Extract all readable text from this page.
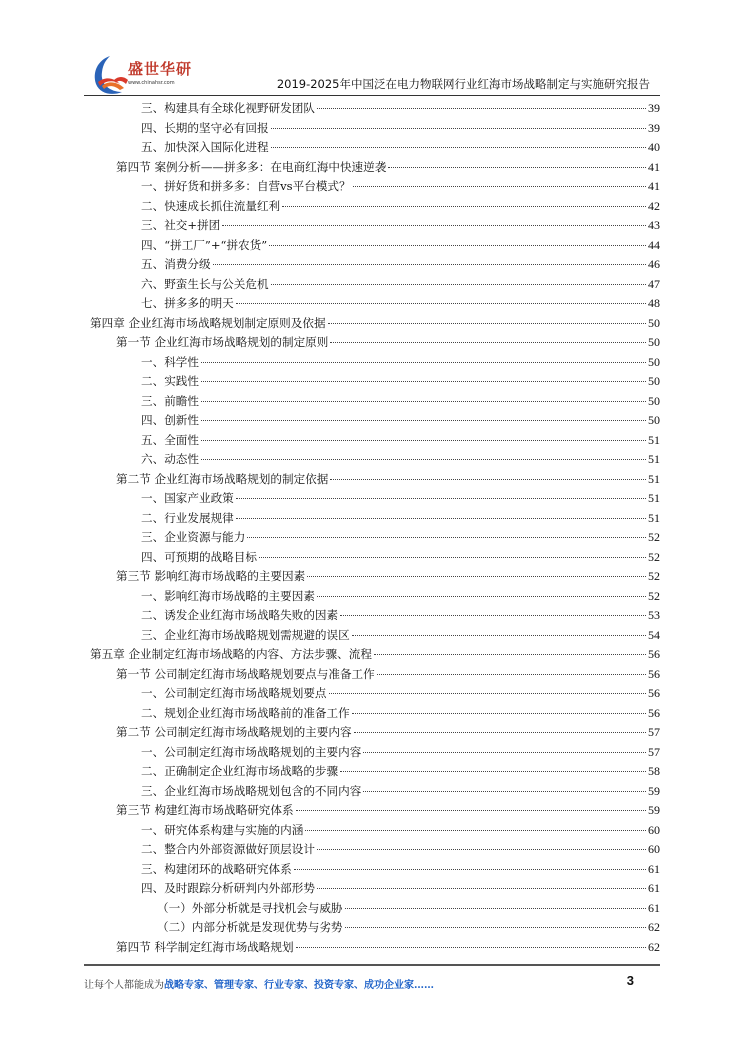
盛世华研
www.chinahsr.com	2019-2025年中国泛在电力物联网行业红海市场战略制定与实施研究报告
三、构建具有全球化视野研发团队	39
四、长期的坚守必有回报	39
五、加快深入国际化进程	40
第四节 案例分析——拼多多：在电商红海中快速逆袭	41
一、拼好货和拼多多：自营vs平台模式？	41
二、快速成长抓住流量红利	42
三、社交+拼团	43
四、“拼工厂”+“拼农货”	44
五、消费分级	46
六、野蛮生长与公关危机	47
七、拼多多的明天	48
第四章 企业红海市场战略规划制定原则及依据	50
第一节 企业红海市场战略规划的制定原则	50
一、科学性	50
二、实践性	50
三、前瞻性	50
四、创新性	50
五、全面性	51
六、动态性	51
第二节 企业红海市场战略规划的制定依据	51
一、国家产业政策	51
二、行业发展规律	51
三、企业资源与能力	52
四、可预期的战略目标	52
第三节 影响红海市场战略的主要因素	52
一、影响红海市场战略的主要因素	52
二、诱发企业红海市场战略失败的因素	53
三、企业红海市场战略规划需规避的误区	54
第五章 企业制定红海市场战略的内容、方法步骤、流程	56
第一节 公司制定红海市场战略规划要点与准备工作	56
一、公司制定红海市场战略规划要点	56
二、规划企业红海市场战略前的准备工作	56
第二节 公司制定红海市场战略规划的主要内容	57
一、公司制定红海市场战略规划的主要内容	57
二、正确制定企业红海市场战略的步骤	58
三、企业红海市场战略规划包含的不同内容	59
第三节 构建红海市场战略研究体系	59
一、研究体系构建与实施的内涵	60
二、整合内外部资源做好顶层设计	60
三、构建闭环的战略研究体系	61
四、及时跟踪分析研判内外部形势	61
（一）外部分析就是寻找机会与威胁	61
（二）内部分析就是发现优势与劣势	62
第四节 科学制定红海市场战略规划	62
让每个人都能成为战略专家、管理专家、行业专家、投资专家、成功企业家……	3
